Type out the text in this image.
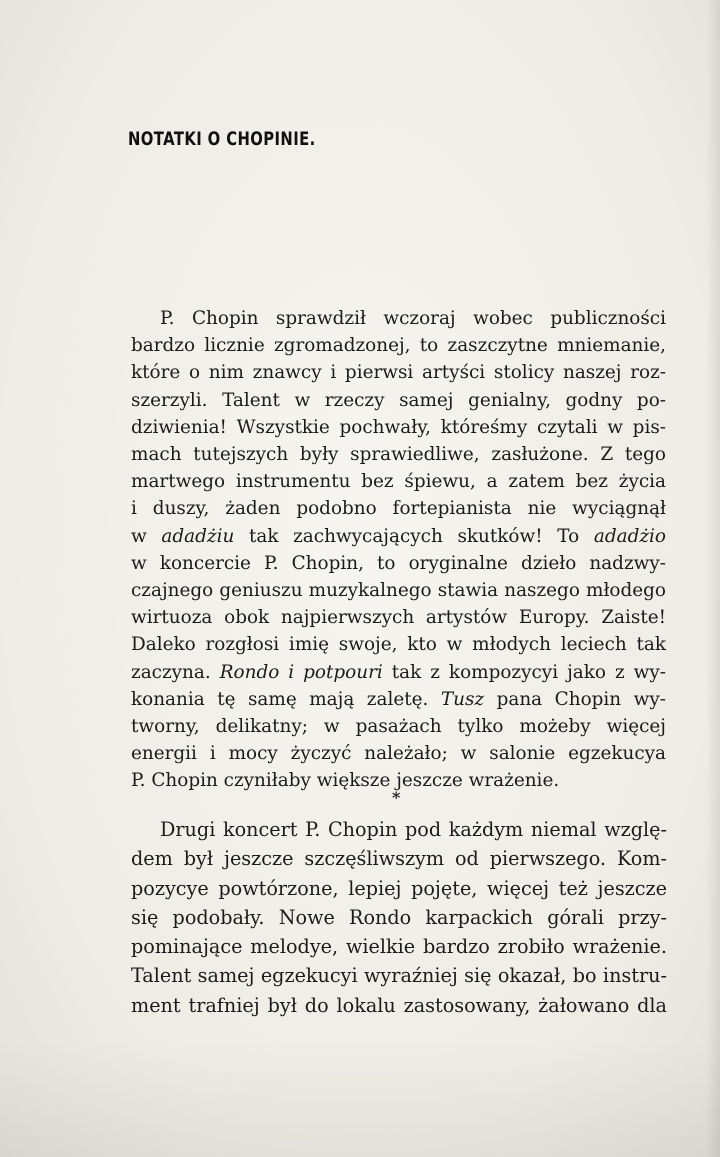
NOTATKI O CHOPINIE.
P. Chopin sprawdził wczoraj wobec publiczności
bardzo licznie zgromadzonej, to zaszczytne mniemanie,
które o nim znawcy i pierwsi artyści stolicy naszej roz-
szerzyli. Talent w rzeczy samej genialny, godny po-
dziwienia! Wszystkie pochwały, któreśmy czytali w pis-
mach tutejszych były sprawiedliwe, zasłużone. Z tego
martwego instrumentu bez śpiewu, a zatem bez życia
i duszy, żaden podobno fortepianista nie wyciągnął
w adadżiu tak zachwycających skutków! To adadżio
w koncercie P. Chopin, to oryginalne dzieło nadzwy-
czajnego geniuszu muzykalnego stawia naszego młodego
wirtuoza obok najpierwszych artystów Europy. Zaiste!
Daleko rozgłosi imię swoje, kto w młodych leciech tak
zaczyna. Rondo i potpouri tak z kompozycyi jako z wy-
konania tę samę mają zaletę. Tusz pana Chopin wy-
tworny, delikatny; w pasażach tylko możeby więcej
energii i mocy życzyć należało; w salonie egzekucya
P. Chopin czyniłaby większe jeszcze wrażenie.
*
Drugi koncert P. Chopin pod każdym niemal wzglę-
dem był jeszcze szczęśliwszym od pierwszego. Kom-
pozycye powtórzone, lepiej pojęte, więcej też jeszcze
się podobały. Nowe Rondo karpackich górali przy-
pominające melodye, wielkie bardzo zrobiło wrażenie.
Talent samej egzekucyi wyraźniej się okazał, bo instru-
ment trafniej był do lokalu zastosowany, żałowano dla
